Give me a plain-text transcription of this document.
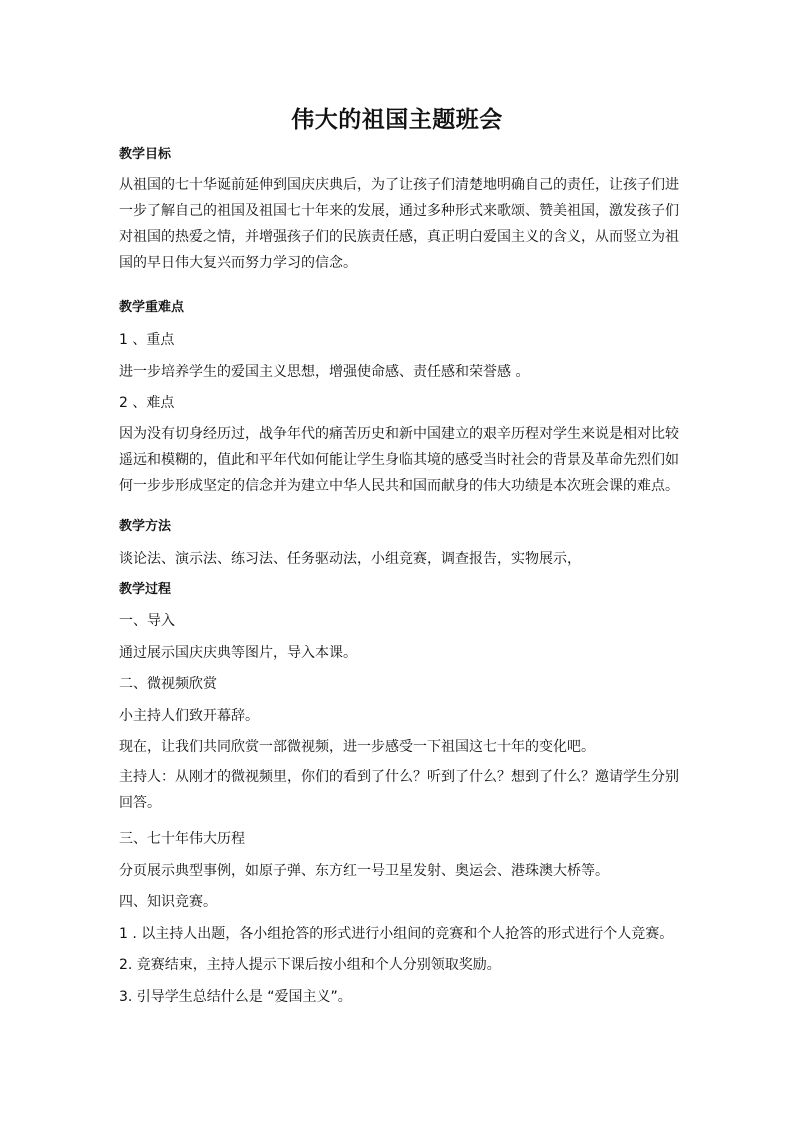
伟大的祖国主题班会
教学目标
从祖国的七十华诞前延伸到国庆庆典后，为了让孩子们清楚地明确自己的责任，让孩子们进
一步了解自己的祖国及祖国七十年来的发展，通过多种形式来歌颂、赞美祖国，激发孩子们
对祖国的热爱之情，并增强孩子们的民族责任感，真正明白爱国主义的含义，从而竖立为祖
国的早日伟大复兴而努力学习的信念。
教学重难点
1 、重点
进一步培养学生的爱国主义思想，增强使命感、责任感和荣誉感 。
2 、难点
因为没有切身经历过，战争年代的痛苦历史和新中国建立的艰辛历程对学生来说是相对比较
遥远和模糊的，值此和平年代如何能让学生身临其境的感受当时社会的背景及革命先烈们如
何一步步形成坚定的信念并为建立中华人民共和国而献身的伟大功绩是本次班会课的难点。
教学方法
谈论法、演示法、练习法、任务驱动法，小组竞赛，调查报告，实物展示，
教学过程
一、导入
通过展示国庆庆典等图片，导入本课。
二、微视频欣赏
小主持人们致开幕辞。
现在，让我们共同欣赏一部微视频，进一步感受一下祖国这七十年的变化吧。
主持人：从刚才的微视频里，你们的看到了什么？听到了什么？想到了什么？邀请学生分别
回答。
三、七十年伟大历程
分页展示典型事例，如原子弹、东方红一号卫星发射、奥运会、港珠澳大桥等。
四、知识竞赛。
1 . 以主持人出题，各小组抢答的形式进行小组间的竞赛和个人抢答的形式进行个人竞赛。
2. 竞赛结束，主持人提示下课后按小组和个人分别领取奖励。
3. 引导学生总结什么是 “爱国主义”。
